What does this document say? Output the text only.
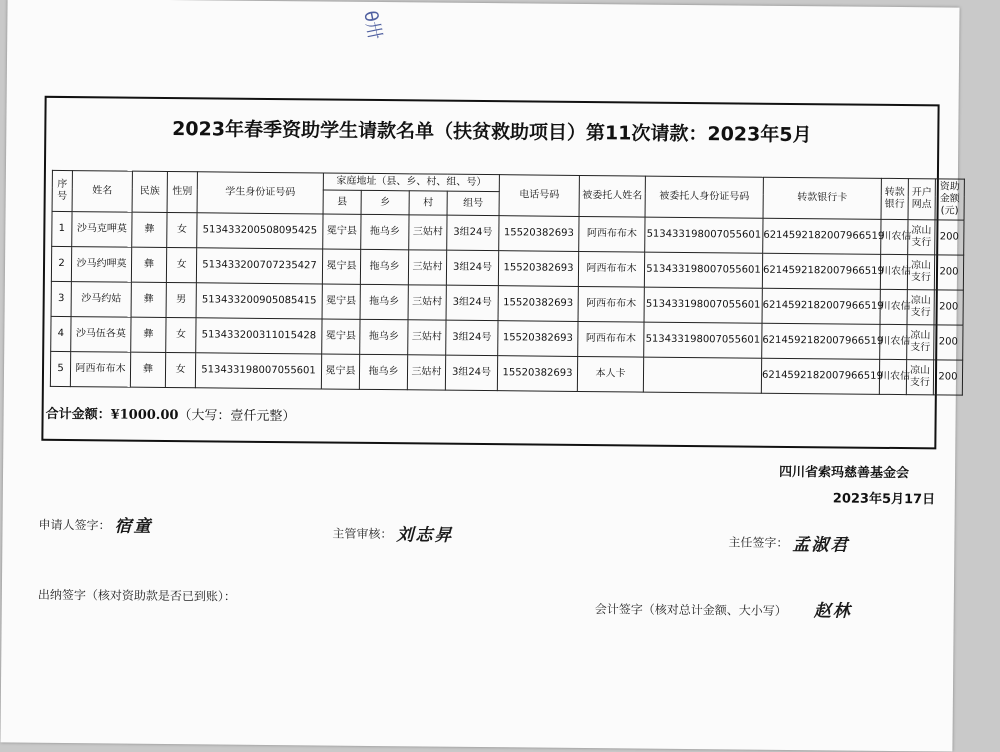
θ卅
2023年春季资助学生请款名单（扶贫救助项目）第11次请款：2023年5月
序号	姓名	民族	性别	学生身份证号码	家庭地址（县、乡、村、组、号）				电话号码	被委托人姓名	被委托人身份证号码	转款银行卡	转款银行	开户网点	资助金额(元)
					县	乡	村	组号							
1	沙马克呷莫	彝	女	513433200508095425	冕宁县	拖乌乡	三姑村	3组24号	15520382693	阿西布布木	513433198007055601	6214592182007966519	川农信	凉山支行	200
2	沙马约呷莫	彝	女	513433200707235427	冕宁县	拖乌乡	三姑村	3组24号	15520382693	阿西布布木	513433198007055601	6214592182007966519	川农信	凉山支行	200
3	沙马约姑	彝	男	513433200905085415	冕宁县	拖乌乡	三姑村	3组24号	15520382693	阿西布布木	513433198007055601	6214592182007966519	川农信	凉山支行	200
4	沙马伍各莫	彝	女	513433200311015428	冕宁县	拖乌乡	三姑村	3组24号	15520382693	阿西布布木	513433198007055601	6214592182007966519	川农信	凉山支行	200
5	阿西布布木	彝	女	513433198007055601	冕宁县	拖乌乡	三姑村	3组24号	15520382693	本人卡		6214592182007966519	川农信	凉山支行	200
合计金额：¥1000.00（大写：壹仟元整）
四川省索玛慈善基金会
2023年5月17日
申请人签字： 宿童	主管审核： 刘志昇	主任签字： 孟淑君
出纳签字（核对资助款是否已到账）：
会计签字（核对总计金额、大小写） 赵林
